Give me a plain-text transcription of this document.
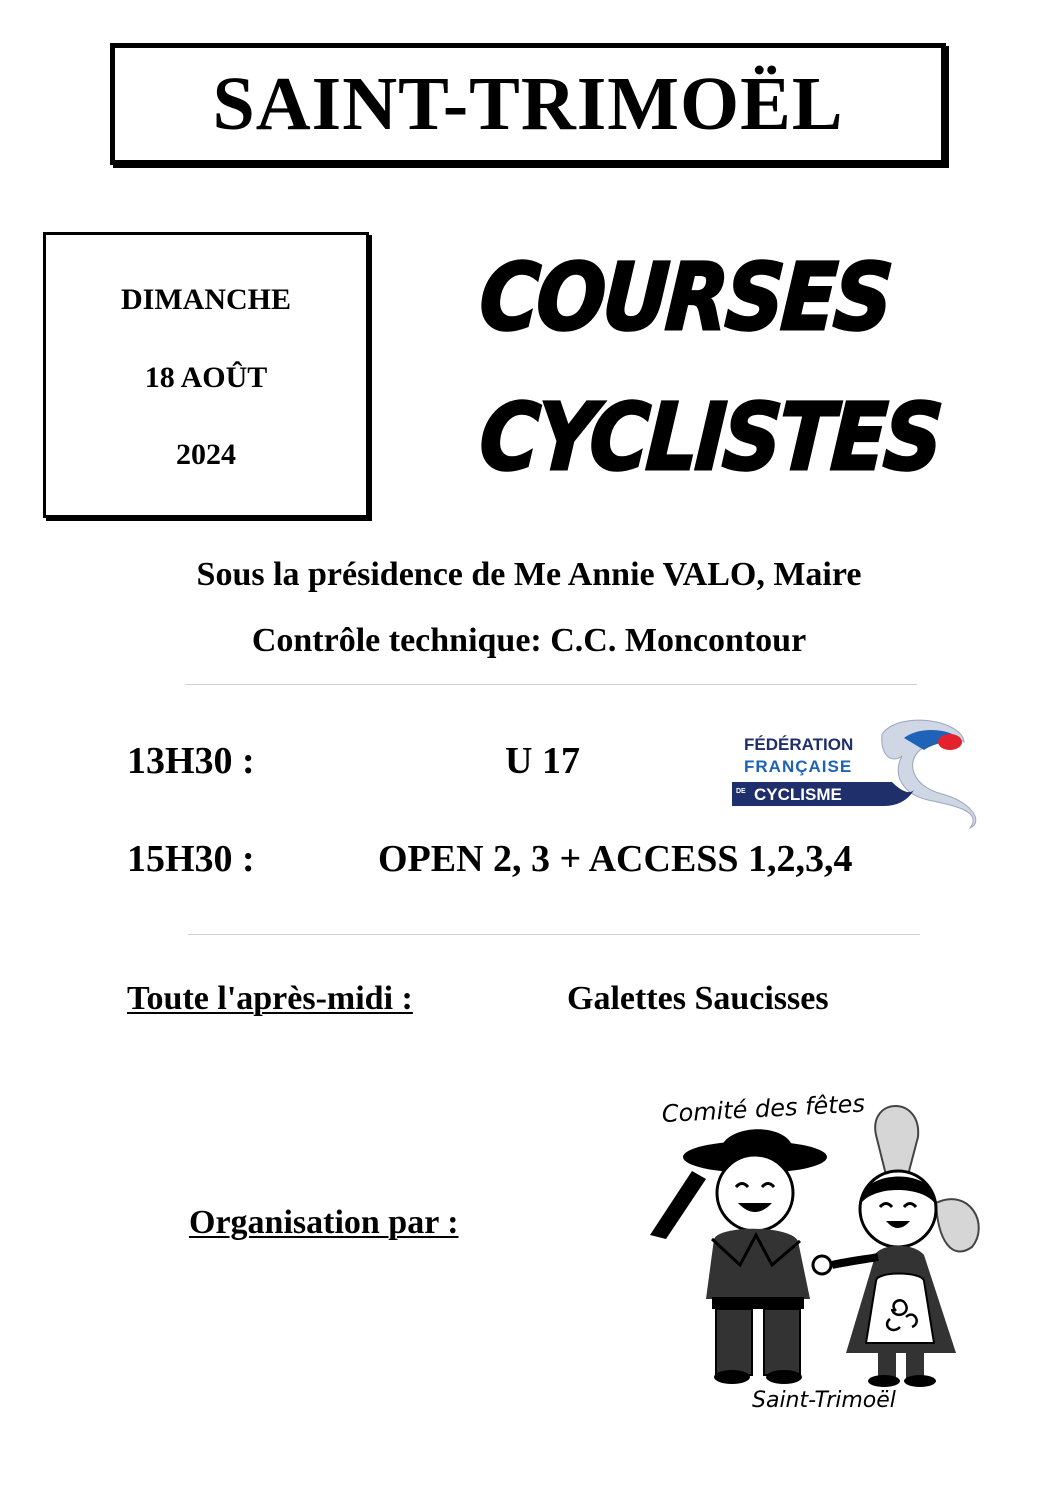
SAINT-TRIMOËL
DIMANCHE
18 AOÛT
2024
COURSES
CYCLISTES
Sous la présidence de Me Annie VALO, Maire
Contrôle technique: C.C. Moncontour
13H30 :	U 17
15H30 :	OPEN 2, 3 + ACCESS 1,2,3,4
FÉDÉRATION
FRANÇAISE
DE CYCLISME
Toute l'après-midi :	Galettes Saucisses
Organisation par :
Comité des fêtes
Saint-Trimoël
